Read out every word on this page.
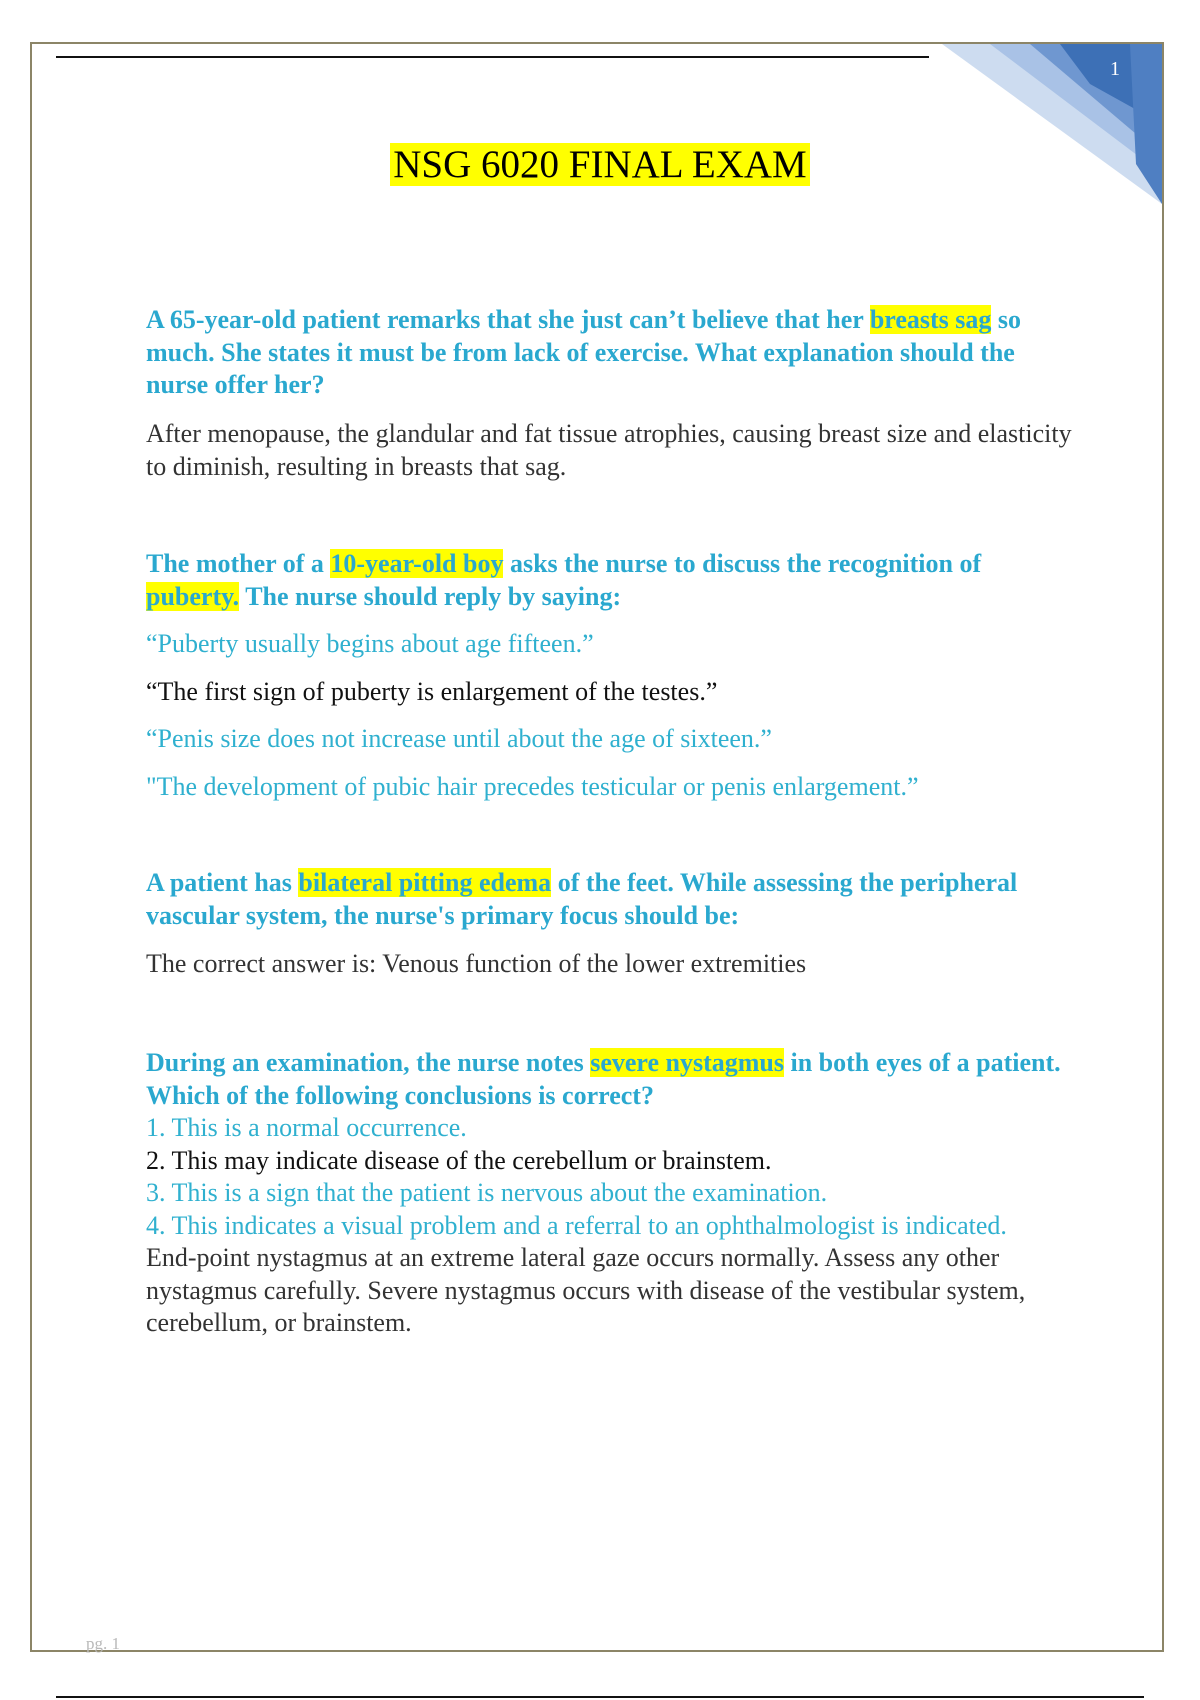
1
NSG 6020 FINAL EXAM
A 65-year-old patient remarks that she just can’t believe that her breasts sag so much. She states it must be from lack of exercise. What explanation should the nurse offer her?
After menopause, the glandular and fat tissue atrophies, causing breast size and elasticity to diminish, resulting in breasts that sag.
The mother of a 10-year-old boy asks the nurse to discuss the recognition of puberty. The nurse should reply by saying:
“Puberty usually begins about age fifteen.”
“The first sign of puberty is enlargement of the testes.”
“Penis size does not increase until about the age of sixteen.”
"The development of pubic hair precedes testicular or penis enlargement.”
A patient has bilateral pitting edema of the feet. While assessing the peripheral vascular system, the nurse's primary focus should be:
The correct answer is: Venous function of the lower extremities
During an examination, the nurse notes severe nystagmus in both eyes of a patient. Which of the following conclusions is correct?
1. This is a normal occurrence.
2. This may indicate disease of the cerebellum or brainstem.
3. This is a sign that the patient is nervous about the examination.
4. This indicates a visual problem and a referral to an ophthalmologist is indicated.
End-point nystagmus at an extreme lateral gaze occurs normally. Assess any other nystagmus carefully. Severe nystagmus occurs with disease of the vestibular system, cerebellum, or brainstem.
pg. 1
